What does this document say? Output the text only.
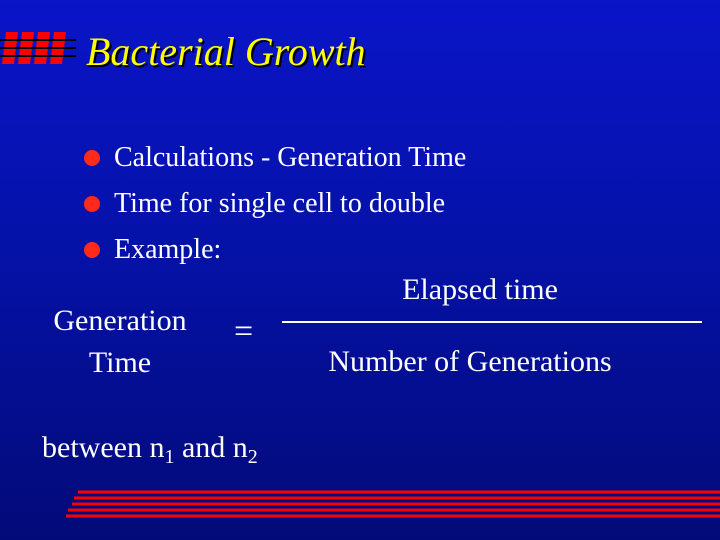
Bacterial Growth
Calculations - Generation Time
Time for single cell to double
Example:
Generation
Time
=
Elapsed time
Number of Generations
between $n_1$ and $n_2$
